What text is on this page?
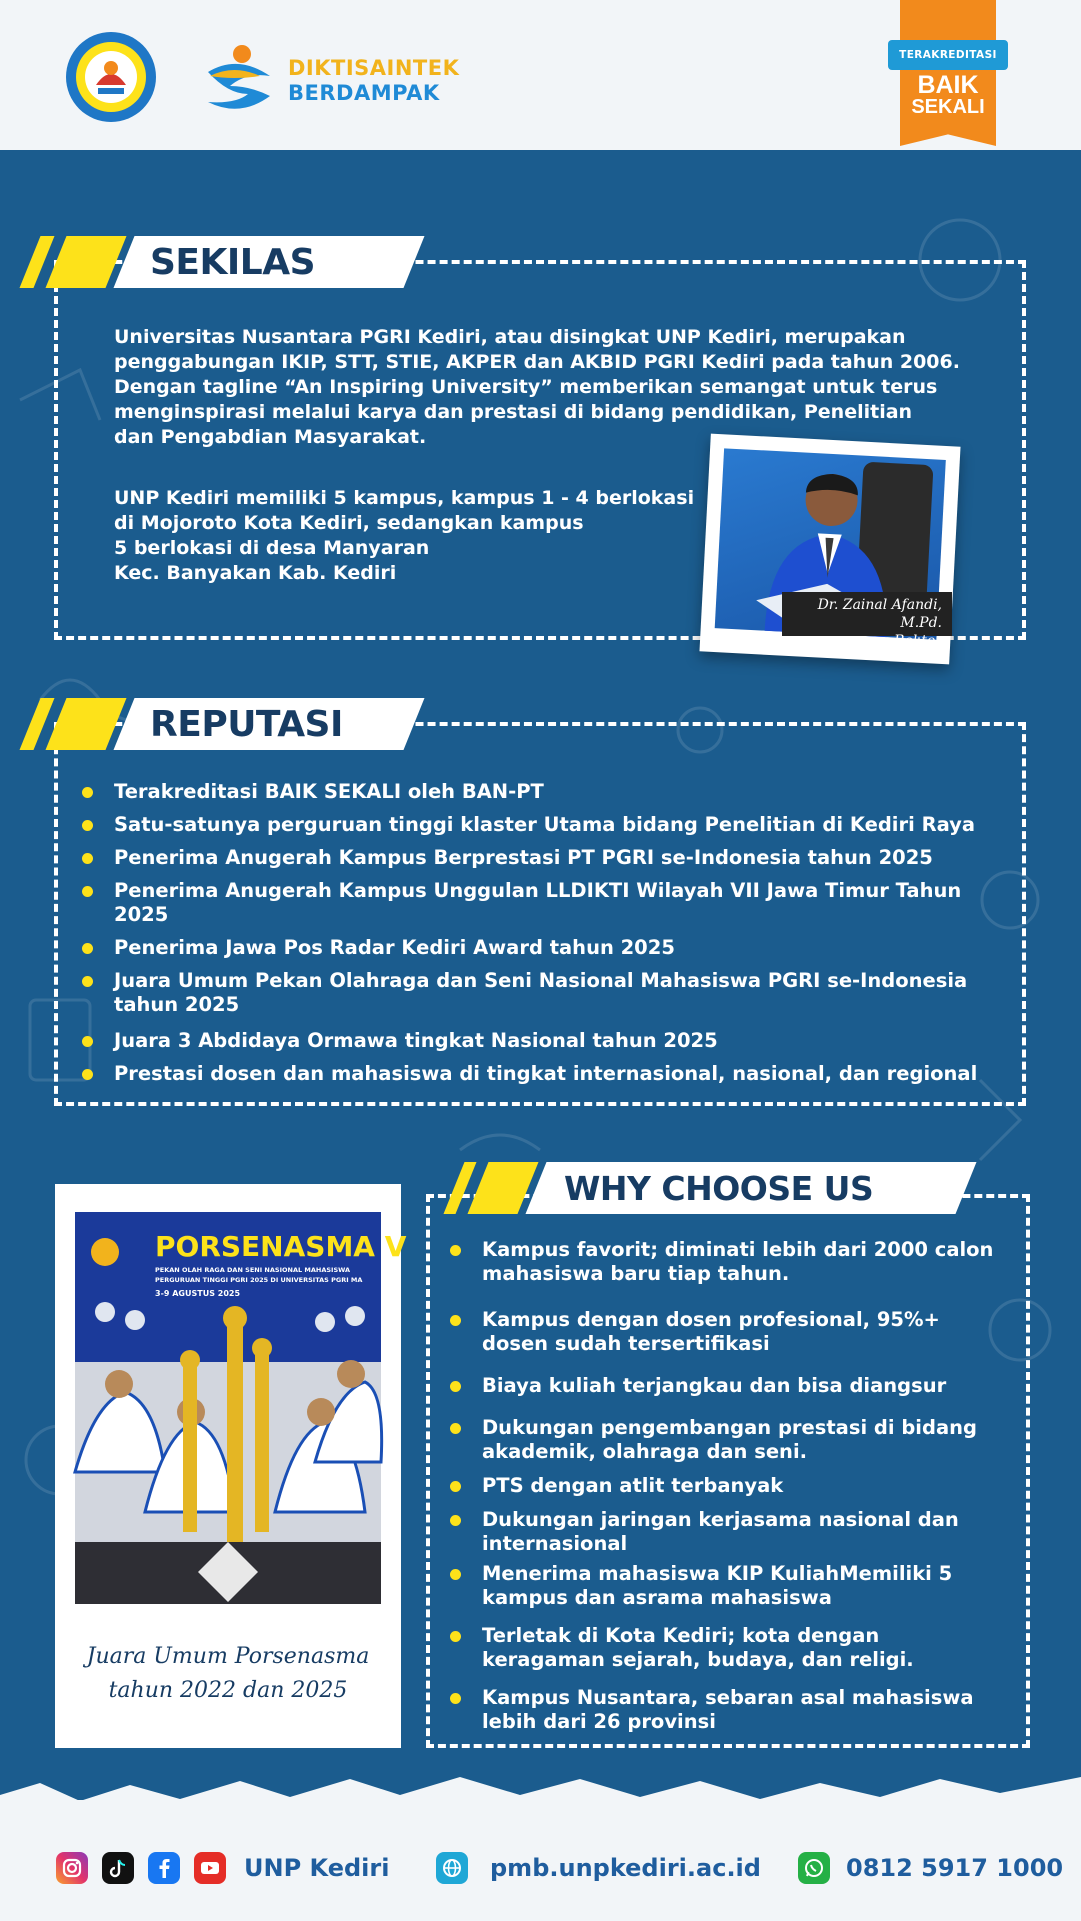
DIKTISAINTEK
BERDAMPAK
TERAKREDITASI
BAIK
SEKALI
SEKILAS
Universitas Nusantara PGRI Kediri, atau disingkat UNP Kediri, merupakan
penggabungan IKIP, STT, STIE, AKPER dan AKBID PGRI Kediri pada tahun 2006.
Dengan tagline “An Inspiring University” memberikan semangat untuk terus
menginspirasi melalui karya dan prestasi di bidang pendidikan, Penelitian
dan Pengabdian Masyarakat.
UNP Kediri memiliki 5 kampus, kampus 1 - 4 berlokasi
di Mojoroto Kota Kediri, sedangkan kampus
5 berlokasi di desa Manyaran
Kec. Banyakan Kab. Kediri
Dr. Zainal Afandi, M.Pd.
Rektor
REPUTASI
Terakreditasi BAIK SEKALI oleh BAN-PT
Satu-satunya perguruan tinggi klaster Utama bidang Penelitian di Kediri Raya
Penerima Anugerah Kampus Berprestasi PT PGRI se-Indonesia tahun 2025
Penerima Anugerah Kampus Unggulan LLDIKTI Wilayah VII Jawa Timur Tahun 2025
Penerima Jawa Pos Radar Kediri Award tahun 2025
Juara Umum Pekan Olahraga dan Seni Nasional Mahasiswa PGRI se-Indonesia tahun 2025
Juara 3 Abdidaya Ormawa tingkat Nasional tahun 2025
Prestasi dosen dan mahasiswa di tingkat internasional, nasional, dan regional
PORSENASMA V
PEKAN OLAH RAGA DAN SENI NASIONAL MAHASISWA
PERGURUAN TINGGI PGRI 2025 DI UNIVERSITAS PGRI MA
3-9 AGUSTUS 2025
Juara Umum Porsenasma
tahun 2022 dan 2025
WHY CHOOSE US
Kampus favorit; diminati lebih dari 2000 calon mahasiswa baru tiap tahun.
Kampus dengan dosen profesional, 95%+ dosen sudah tersertifikasi
Biaya kuliah terjangkau dan bisa diangsur
Dukungan pengembangan prestasi di bidang akademik, olahraga dan seni.
PTS dengan atlit terbanyak
Dukungan jaringan kerjasama nasional dan internasional
Menerima mahasiswa KIP KuliahMemiliki 5 kampus dan asrama mahasiswa
Terletak di Kota Kediri; kota dengan keragaman sejarah, budaya, dan religi.
Kampus Nusantara, sebaran asal mahasiswa lebih dari 26 provinsi
UNP Kediri	pmb.unpkediri.ac.id	0812 5917 1000
